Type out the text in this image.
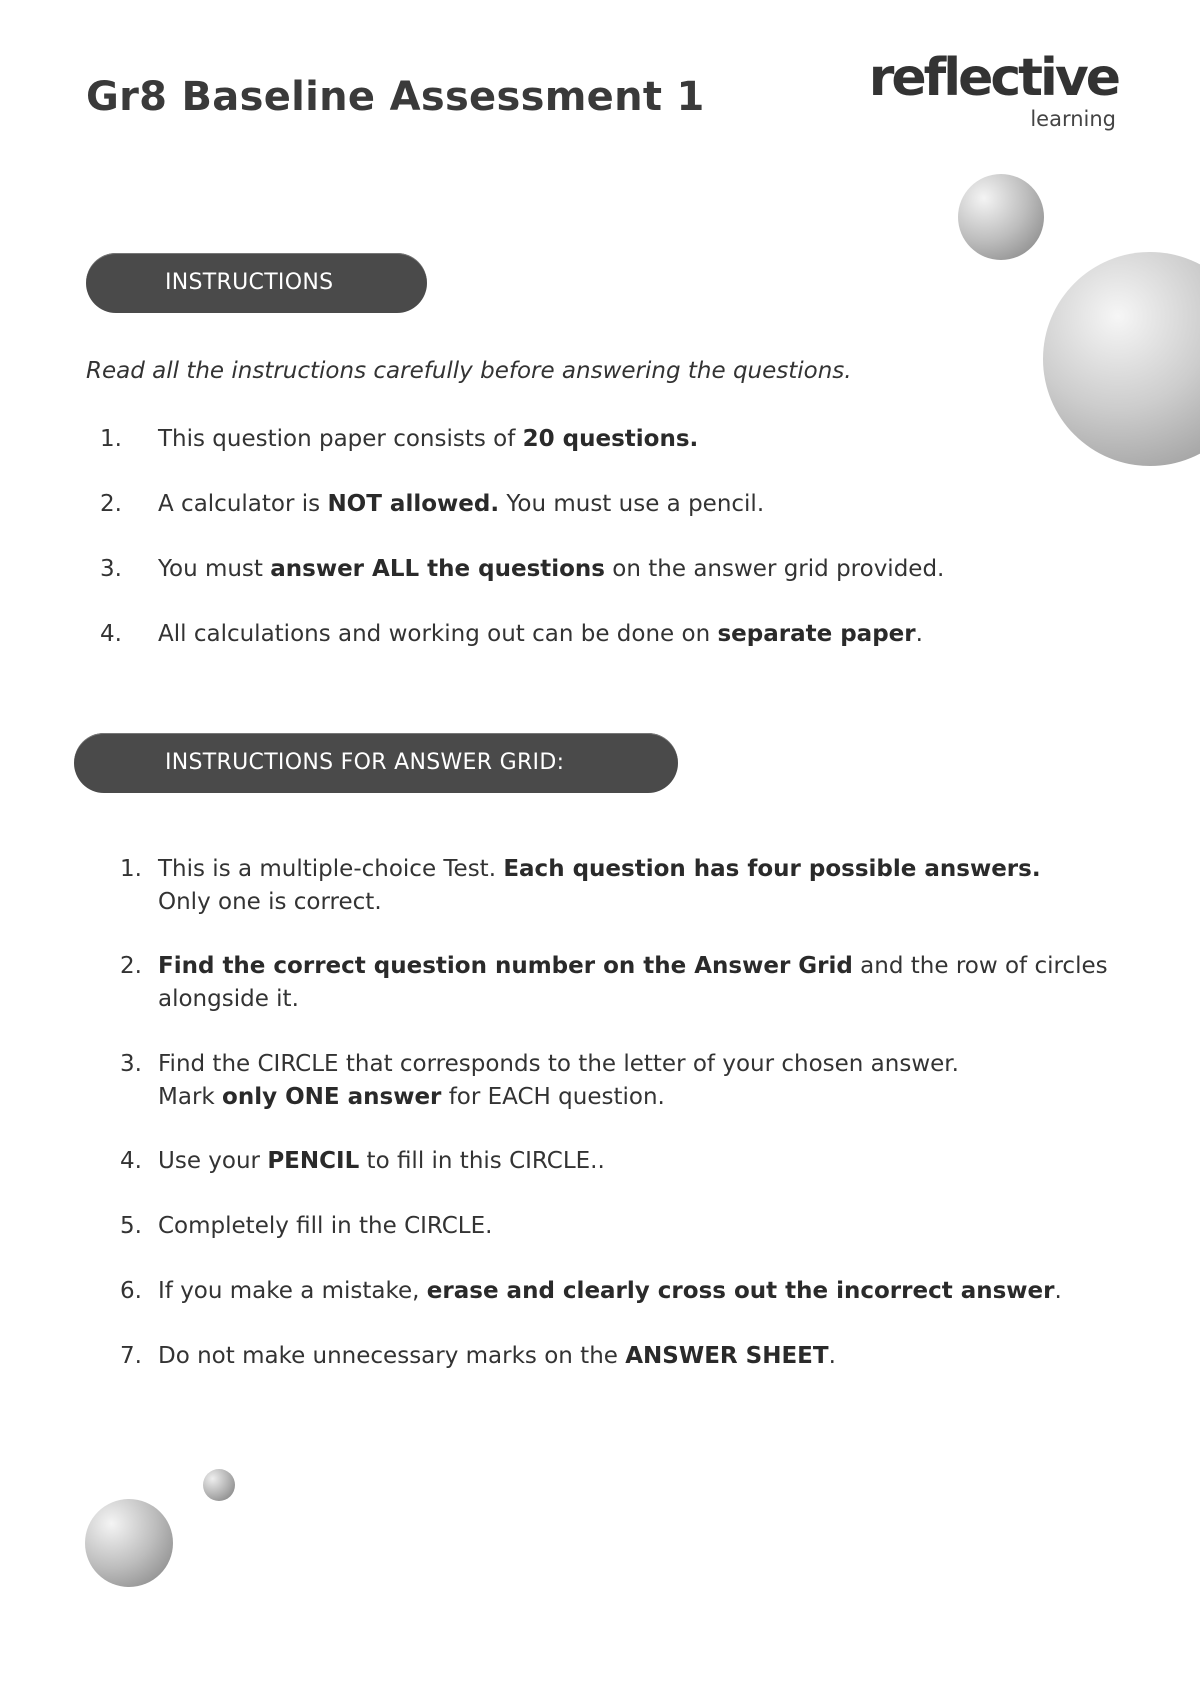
Gr8 Baseline Assessment 1	reflective
learning
INSTRUCTIONS

Read all the instructions carefully before answering the questions.

1. This question paper consists of 20 questions.
2. A calculator is NOT allowed. You must use a pencil.
3. You must answer ALL the questions on the answer grid provided.
4. All calculations and working out can be done on separate paper.
INSTRUCTIONS FOR ANSWER GRID:
1. This is a multiple-choice Test. Each question has four possible answers.
Only one is correct.
2. Find the correct question number on the Answer Grid and the row of circles
alongside it.
3. Find the CIRCLE that corresponds to the letter of your chosen answer.
Mark only ONE answer for EACH question.
4. Use your PENCIL to fill in this CIRCLE..
5. Completely fill in the CIRCLE.
6. If you make a mistake, erase and clearly cross out the incorrect answer.
7. Do not make unnecessary marks on the ANSWER SHEET.
